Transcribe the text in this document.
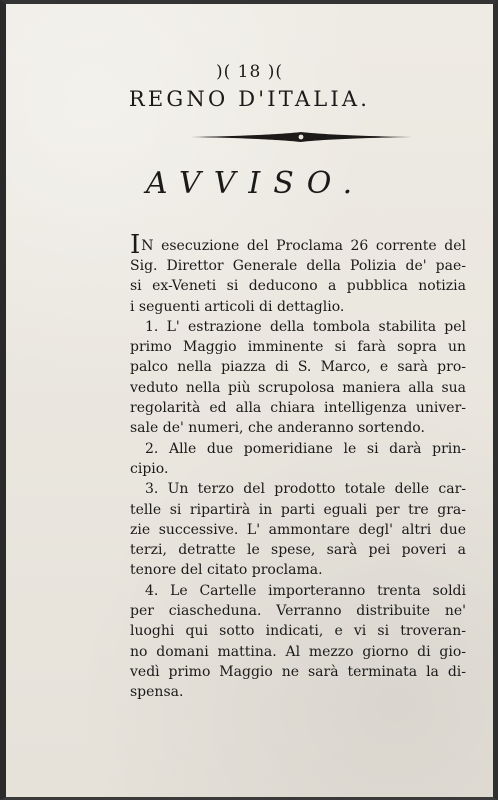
)( 18 )(
REGNO D'ITALIA.
AVVISO.
I N esecuzione del Proclama 26 corrente del
Sig. Direttor Generale della Polizia de' pae-
si ex-Veneti si deducono a pubblica notizia
i seguenti articoli di dettaglio.
1. L' estrazione della tombola stabilita pel
primo Maggio imminente si farà sopra un
palco nella piazza di S. Marco, e sarà pro-
veduto nella più scrupolosa maniera alla sua
regolarità ed alla chiara intelligenza univer-
sale de' numeri, che anderanno sortendo.
2. Alle due pomeridiane le si darà prin-
cipio.
3. Un terzo del prodotto totale delle car-
telle si ripartirà in parti eguali per tre gra-
zie successive. L' ammontare degl' altri due
terzi, detratte le spese, sarà pei poveri a
tenore del citato proclama.
4. Le Cartelle importeranno trenta soldi
per ciascheduna. Verranno distribuite ne'
luoghi qui sotto indicati, e vi si troveran-
no domani mattina. Al mezzo giorno di gio-
vedì primo Maggio ne sarà terminata la di-
spensa.
